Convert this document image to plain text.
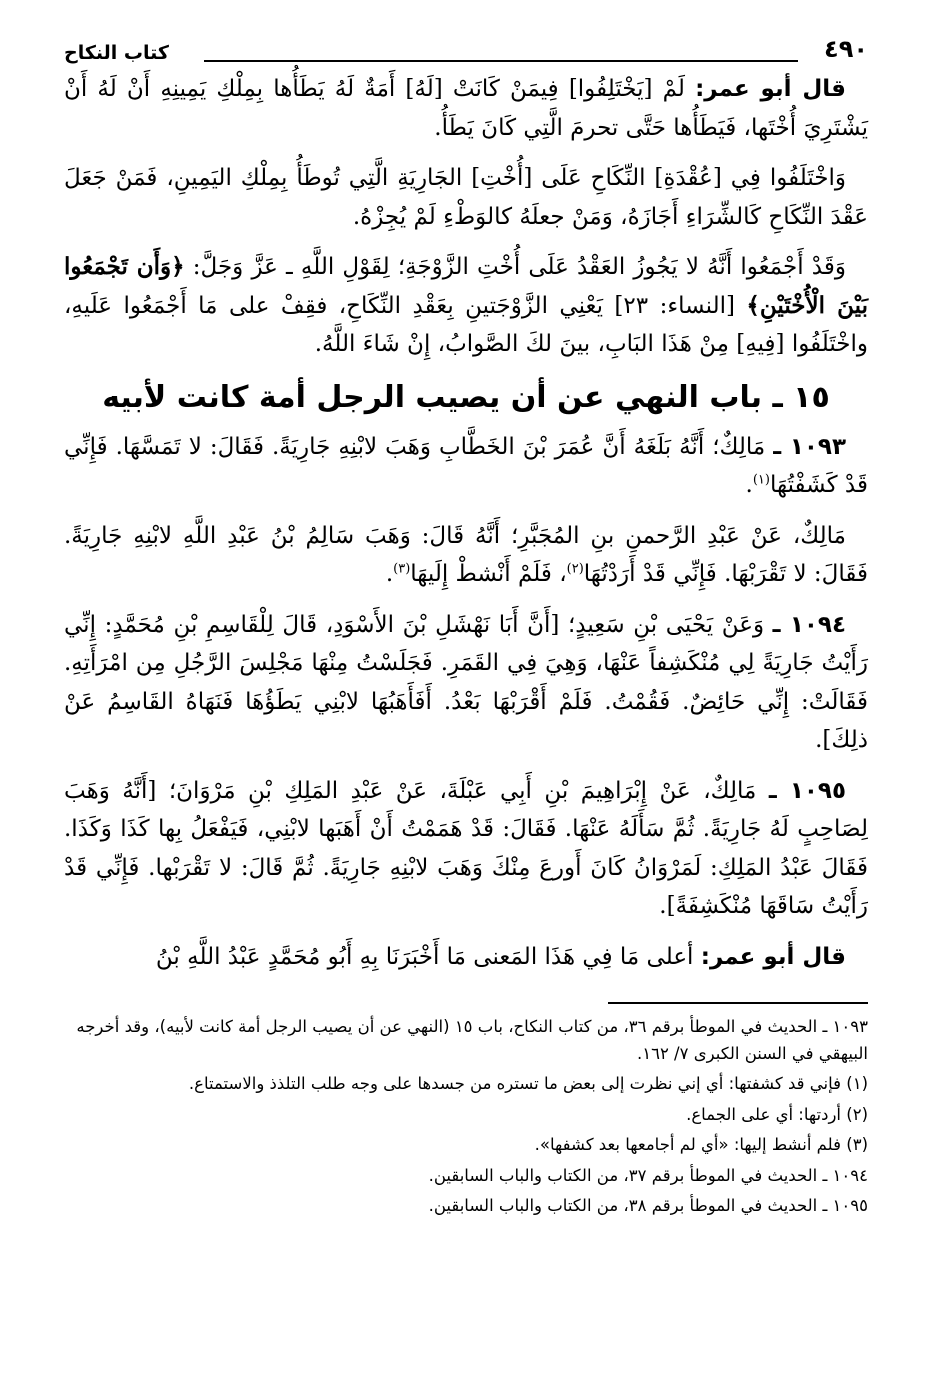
٤٩٠
كتاب النكاح

قال أبو عمر: لَمْ [يَخْتَلِفُوا] فِيمَنْ كَانَتْ [لَهُ] أَمَةٌ لَهُ يَطَأُها بِمِلْكِ يَمِينِهِ أَنْ لَهُ أَنْ يَشْتَرِيَ أُخْتَها، فَيَطَأُها حَتَّى تحرمَ الَّتِي كَانَ يَطَأُ.

وَاخْتَلَفُوا فِي [عُقْدَةِ] النِّكَاحِ عَلَى [أُخْتِ] الجَارِيَةِ الَّتِي تُوطَأُ بِمِلْكِ اليَمِينِ، فَمَنْ جَعَلَ عَقْدَ النِّكَاحِ كَالشِّرَاءِ أَجَازَهُ، وَمَنْ جعلَهُ كالوَطْءِ لَمْ يُجِزْهُ.

وَقَدْ أَجْمَعُوا أَنَّهُ لا يَجُوزُ العَقْدُ عَلَى أُخْتِ الزَّوْجَةِ؛ لِقَوْلِ اللَّهِ ـ عَزَّ وَجَلَّ: ﴿وَأَن تَجْمَعُوا بَيْنَ الْأُخْتَيْنِ﴾ [النساء: ٢٣] يَعْنِي الزَّوْجَتينِ بِعَقْدِ النِّكَاحِ، فقِفْ على مَا أَجْمَعُوا عَلَيهِ، واخْتَلَفُوا [فِيهِ] مِنْ هَذَا البَابِ، بينَ لكَ الصَّوابُ، إِنْ شَاءَ اللَّهُ.

١٥ ـ باب النهي عن أن يصيب الرجل أمة كانت لأبيه

١٠٩٣ ـ مَالِكٌ؛ أَنَّهُ بَلَغَهُ أَنَّ عُمَرَ بْنَ الخَطَّابِ وَهَبَ لابْنِهِ جَارِيَةً. فَقَالَ: لا تَمَسَّهَا. فَإِنِّي قَدْ كَشَفْتُهَا$^{(١)}$.

مَالِكٌ، عَنْ عَبْدِ الرَّحمنِ بنِ المُجَبَّرِ؛ أَنَّهُ قَالَ: وَهَبَ سَالِمُ بْنُ عَبْدِ اللَّهِ لابْنِهِ جَارِيَةً. فَقَالَ: لا تَقْرَبْهَا. فَإِنِّي قَدْ أَرَدْتُهَا$^{(٢)}$، فَلَمْ أَنْشطْ إِلَيهَا$^{(٣)}$.

١٠٩٤ ـ وَعَنْ يَحْيَى بْنِ سَعِيدٍ؛ [أَنَّ أَبَا نَهْشَلِ بْنَ الأَسْوَدِ، قَالَ لِلْقَاسِمِ بْنِ مُحَمَّدٍ: إِنِّي رَأَيْتُ جَارِيَةً لِي مُنْكَشِفاً عَنْهَا، وَهِيَ فِي القَمَرِ. فَجَلَسْتُ مِنْهَا مَجْلِسَ الرَّجُلِ مِن امْرَأَتِهِ. فَقَالَتْ: إِنِّي حَائِضٌ. فَقُمْتُ. فَلَمْ أَقْرَبْهَا بَعْدُ. أَفَأَهَبُهَا لابْنِي يَطَؤُهَا فَنَهَاهُ القَاسِمُ عَنْ ذلِكَ].

١٠٩٥ ـ مَالِكٌ، عَنْ إِبْرَاهِيمَ بْنِ أَبِي عَبْلَةَ، عَنْ عَبْدِ المَلِكِ بْنِ مَرْوَانَ؛ [أَنَّهُ وَهَبَ لِصَاحِبٍ لَهُ جَارِيَةً. ثُمَّ سَأَلَهُ عَنْهَا. فَقَالَ: قَدْ هَمَمْتُ أَنْ أَهَبَها لابْنِي، فَيَفْعَلُ بِها كَذَا وَكَذَا. فَقَالَ عَبْدُ المَلِكِ: لَمَرْوَانُ كَانَ أَورعَ مِنْكَ وَهَبَ لابْنِهِ جَارِيَةً. ثُمَّ قَالَ: لا تَقْرَبْها. فَإِنِّي قَدْ رَأَيْتُ سَاقَهَا مُنْكَشِفَةً].

قال أبو عمر: أعلى مَا فِي هَذَا المَعنى مَا أَخْبَرَنَا بِهِ أَبُو مُحَمَّدٍ عَبْدُ اللَّهِ بْنُ

١٠٩٣ ـ الحديث في الموطأ برقم ٣٦، من كتاب النكاح، باب ١٥ (النهي عن أن يصيب الرجل أمة كانت لأبيه)، وقد أخرجه البيهقي في السنن الكبرى ٧/ ١٦٢.

(١) فإني قد كشفتها: أي إني نظرت إلى بعض ما تستره من جسدها على وجه طلب التلذذ والاستمتاع.

(٢) أردتها: أي على الجماع.

(٣) فلم أنشط إليها: «أي لم أجامعها بعد كشفها».

١٠٩٤ ـ الحديث في الموطأ برقم ٣٧، من الكتاب والباب السابقين.

١٠٩٥ ـ الحديث في الموطأ برقم ٣٨، من الكتاب والباب السابقين.
